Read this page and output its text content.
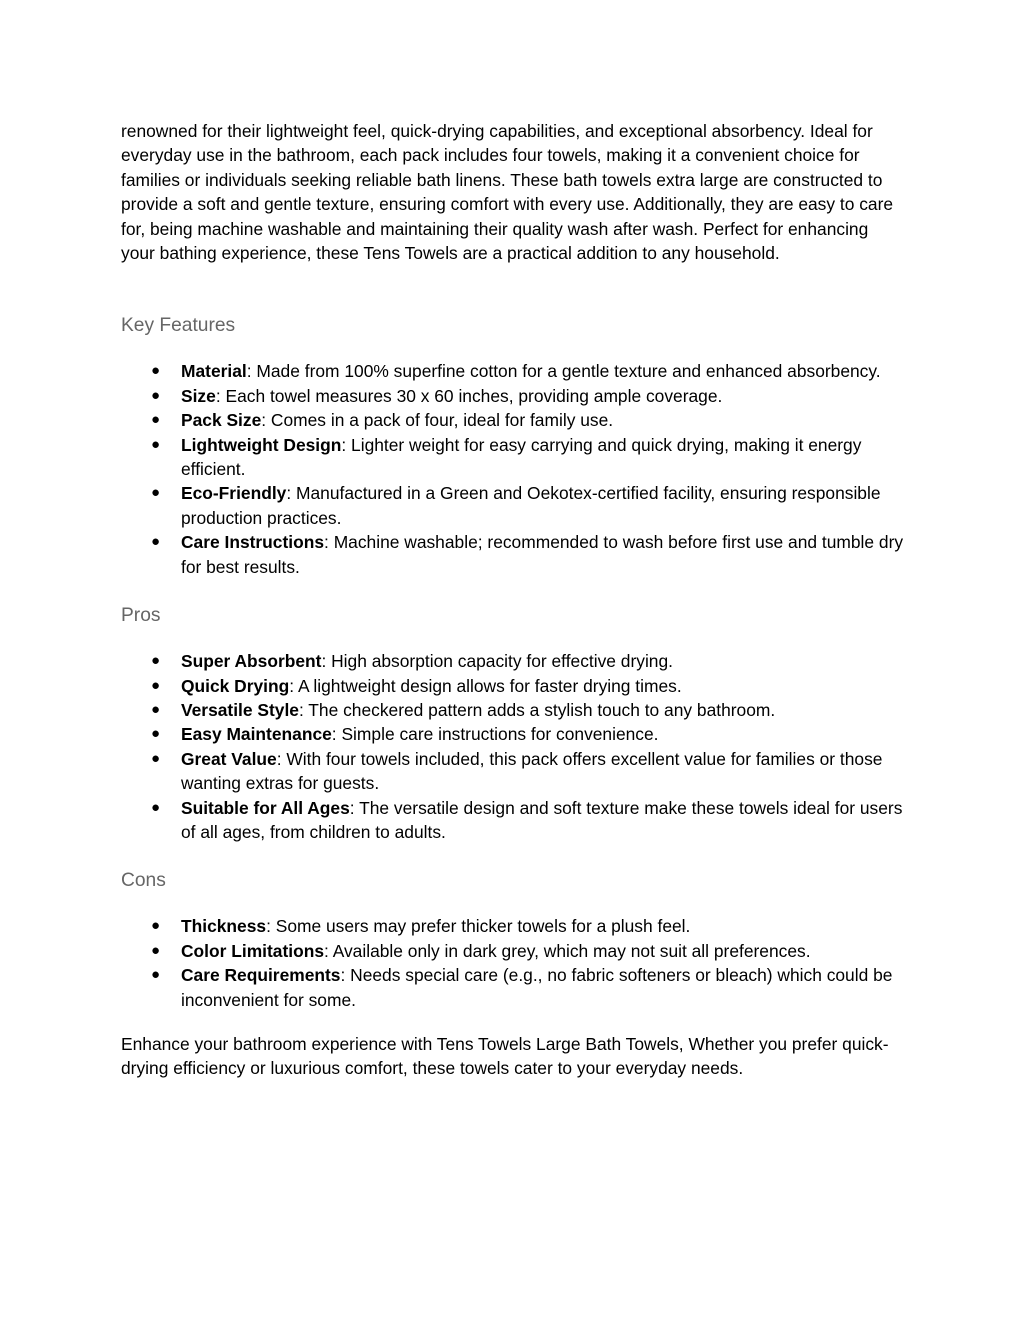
renowned for their lightweight feel, quick-drying capabilities, and exceptional absorbency. Ideal for everyday use in the bathroom, each pack includes four towels, making it a convenient choice for families or individuals seeking reliable bath linens. These bath towels extra large are constructed to provide a soft and gentle texture, ensuring comfort with every use. Additionally, they are easy to care for, being machine washable and maintaining their quality wash after wash. Perfect for enhancing your bathing experience, these Tens Towels are a practical addition to any household.

Key Features
● Material: Made from 100% superfine cotton for a gentle texture and enhanced absorbency.
● Size: Each towel measures 30 x 60 inches, providing ample coverage.
● Pack Size: Comes in a pack of four, ideal for family use.
● Lightweight Design: Lighter weight for easy carrying and quick drying, making it energy efficient.
● Eco-Friendly: Manufactured in a Green and Oekotex-certified facility, ensuring responsible production practices.
● Care Instructions: Machine washable; recommended to wash before first use and tumble dry for best results.
Pros
● Super Absorbent: High absorption capacity for effective drying.
● Quick Drying: A lightweight design allows for faster drying times.
● Versatile Style: The checkered pattern adds a stylish touch to any bathroom.
● Easy Maintenance: Simple care instructions for convenience.
● Great Value: With four towels included, this pack offers excellent value for families or those wanting extras for guests.
● Suitable for All Ages: The versatile design and soft texture make these towels ideal for users of all ages, from children to adults.
Cons
● Thickness: Some users may prefer thicker towels for a plush feel.
● Color Limitations: Available only in dark grey, which may not suit all preferences.
● Care Requirements: Needs special care (e.g., no fabric softeners or bleach) which could be inconvenient for some.

Enhance your bathroom experience with Tens Towels Large Bath Towels, Whether you prefer quick-drying efficiency or luxurious comfort, these towels cater to your everyday needs.
